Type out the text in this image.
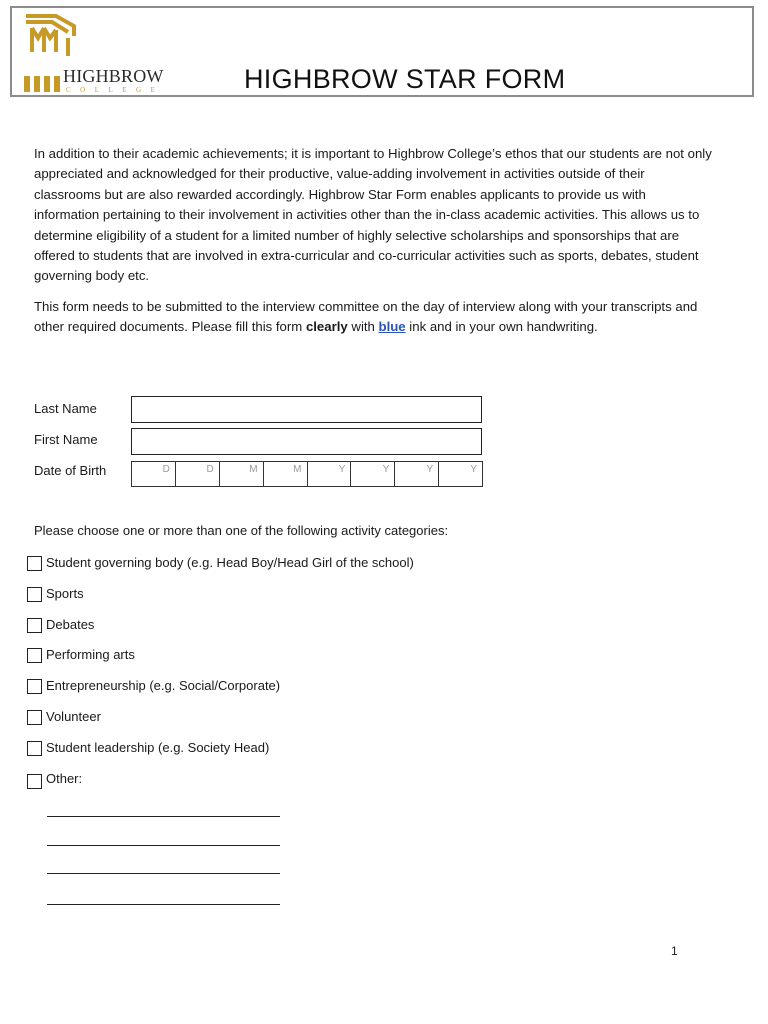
HIGHBROW
COLLEGE	HIGHBROW STAR FORM

In addition to their academic achievements; it is important to Highbrow College’s ethos that our students are not only appreciated and acknowledged for their productive, value-adding involvement in activities outside of their classrooms but are also rewarded accordingly. Highbrow Star Form enables applicants to provide us with information pertaining to their involvement in activities other than the in-class academic activities. This allows us to determine eligibility of a student for a limited number of highly selective scholarships and sponsorships that are offered to students that are involved in extra-curricular and co-curricular activities such as sports, debates, student governing body etc.

This form needs to be submitted to the interview committee on the day of interview along with your transcripts and other required documents. Please fill this form clearly with blue ink and in your own handwriting.

Last Name
First Name
Date of Birth	D	D	M	M	Y	Y	Y	Y
Please choose one or more than one of the following activity categories:
Student governing body (e.g. Head Boy/Head Girl of the school)
Sports
Debates
Performing arts
Entrepreneurship (e.g. Social/Corporate)
Volunteer
Student leadership (e.g. Society Head)
Other:
1
